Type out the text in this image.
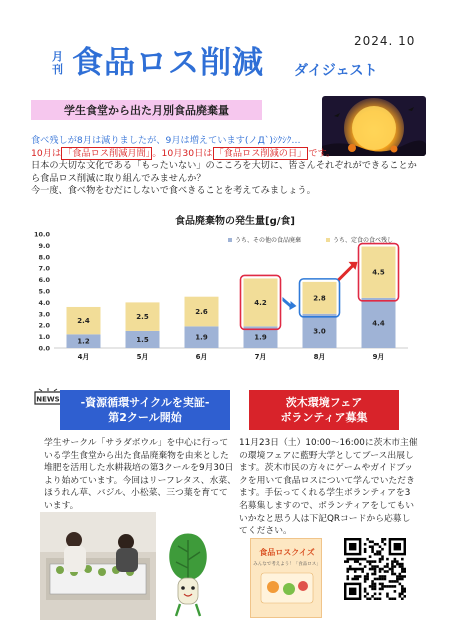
2024. 10
月刊 食品ロス削減 ダイジェスト
学生食堂から出た月別食品廃棄量
食べ残しが8月は減りましたが、9月は増えています(ノД`)ｼｸｼｸ…
10月は 「食品ロス削減月間」 。10月30日は 「食品ロス削減の日」 です。
日本の大切な文化である「もったいない」のこころを大切に、皆さんそれぞれができることから食品ロス削減に取り組んでみませんか？
今一度、食べ物をむだにしないで食べきることを考えてみましょう。
食品廃棄物の発生量[g/食]
0.0
1.0
2.0
3.0
4.0
5.0
6.0
7.0
8.0
9.0
10.0
1.2
2.4
4月
1.5
2.5
5月
1.9
2.6
6月
1.9
4.2
7月
3.0
2.8
8月
4.4
4.5
9月
うち、その他の食品廃棄	うち、定食の食べ残し
NEWS	-資源循環サイクルを実証-
第2クール開始
学生サークル「サラダボウル」を中心に行っている学生食堂から出た食品廃棄物を由来とした堆肥を活用した水耕栽培の第3クールを9月30日より始めています。今回はリーフレタス、水菜、ほうれん草、バジル、小松菜、三つ葉を育てています。
茨木環境フェア
ボランティア募集
11月23日（土）10:00～16:00に茨木市主催の環境フェアに藍野大学としてブース出展します。茨木市民の方々にゲームやガイドブックを用いて食品ロスについて学んでいただきます。手伝ってくれる学生ボランティアを3名募集しますので、ボランティアをしてもいいかなと思う人は下記QRコードから応募してください。
食品ロスクイズ
みんなで考えよう！「食品ロス」
